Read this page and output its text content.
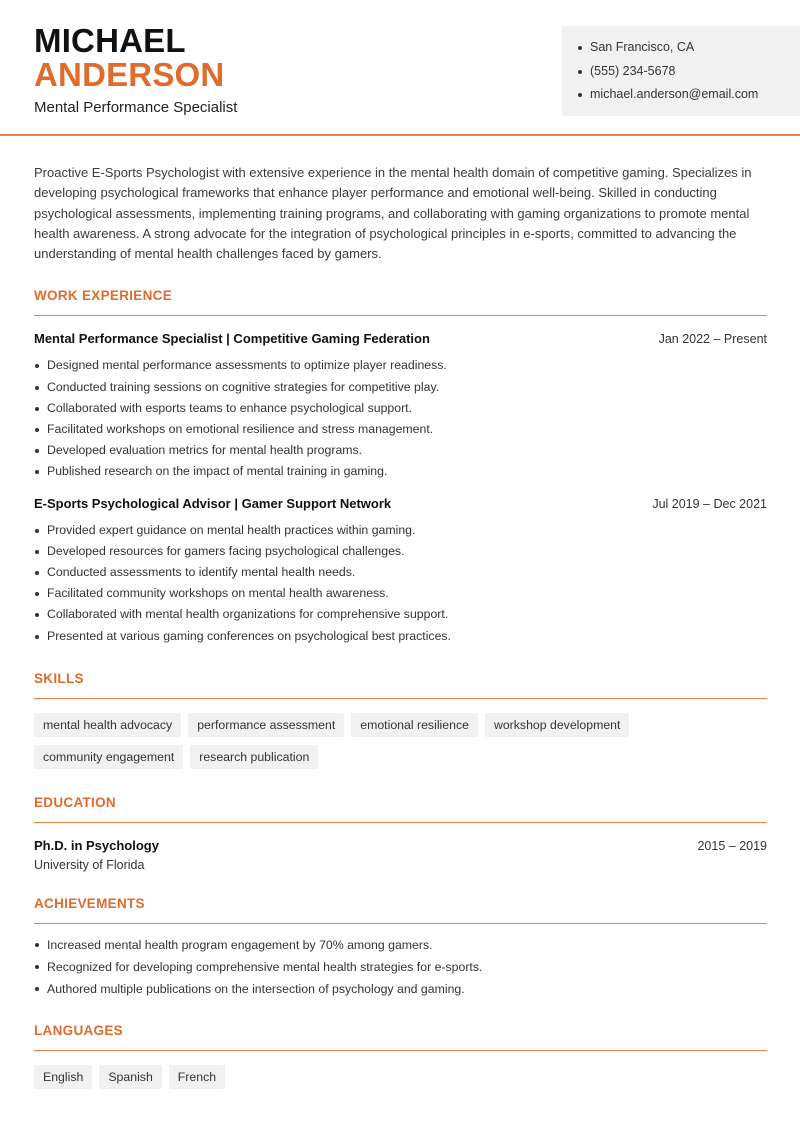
MICHAEL
ANDERSON
Mental Performance Specialist
San Francisco, CA
(555) 234-5678
michael.anderson@email.com

Proactive E-Sports Psychologist with extensive experience in the mental health domain of competitive gaming. Specializes in developing psychological frameworks that enhance player performance and emotional well-being. Skilled in conducting psychological assessments, implementing training programs, and collaborating with gaming organizations to promote mental health awareness. A strong advocate for the integration of psychological principles in e-sports, committed to advancing the understanding of mental health challenges faced by gamers.

WORK EXPERIENCE
Mental Performance Specialist | Competitive Gaming Federation	Jan 2022 – Present
Designed mental performance assessments to optimize player readiness.
Conducted training sessions on cognitive strategies for competitive play.
Collaborated with esports teams to enhance psychological support.
Facilitated workshops on emotional resilience and stress management.
Developed evaluation metrics for mental health programs.
Published research on the impact of mental training in gaming.
E-Sports Psychological Advisor | Gamer Support Network	Jul 2019 – Dec 2021
Provided expert guidance on mental health practices within gaming.
Developed resources for gamers facing psychological challenges.
Conducted assessments to identify mental health needs.
Facilitated community workshops on mental health awareness.
Collaborated with mental health organizations for comprehensive support.
Presented at various gaming conferences on psychological best practices.
SKILLS
mental health advocacy	performance assessment	emotional resilience	workshop development
community engagement	research publication
EDUCATION
Ph.D. in Psychology	2015 – 2019
University of Florida
ACHIEVEMENTS
Increased mental health program engagement by 70% among gamers.
Recognized for developing comprehensive mental health strategies for e-sports.
Authored multiple publications on the intersection of psychology and gaming.
LANGUAGES
English	Spanish	French
